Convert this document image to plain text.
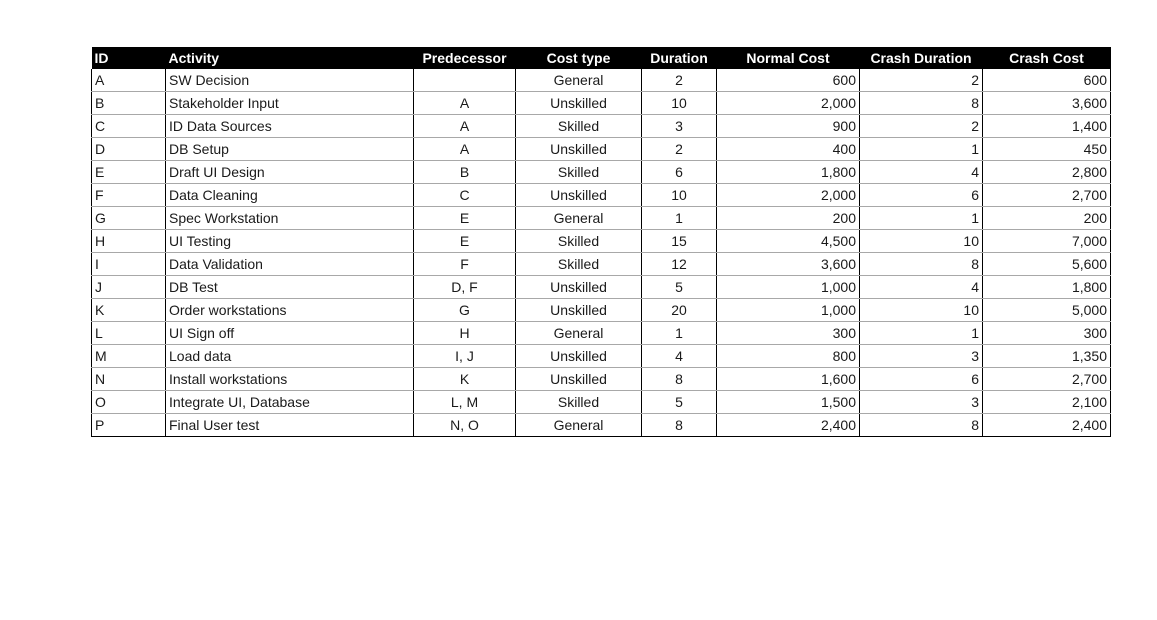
ID	Activity	Predecessor	Cost type	Duration	Normal Cost	Crash Duration	Crash Cost
A	SW Decision		General	2	600	2	600
B	Stakeholder Input	A	Unskilled	10	2,000	8	3,600
C	ID Data Sources	A	Skilled	3	900	2	1,400
D	DB Setup	A	Unskilled	2	400	1	450
E	Draft UI Design	B	Skilled	6	1,800	4	2,800
F	Data Cleaning	C	Unskilled	10	2,000	6	2,700
G	Spec Workstation	E	General	1	200	1	200
H	UI Testing	E	Skilled	15	4,500	10	7,000
I	Data Validation	F	Skilled	12	3,600	8	5,600
J	DB Test	D, F	Unskilled	5	1,000	4	1,800
K	Order workstations	G	Unskilled	20	1,000	10	5,000
L	UI Sign off	H	General	1	300	1	300
M	Load data	I, J	Unskilled	4	800	3	1,350
N	Install workstations	K	Unskilled	8	1,600	6	2,700
O	Integrate UI, Database	L, M	Skilled	5	1,500	3	2,100
P	Final User test	N, O	General	8	2,400	8	2,400
